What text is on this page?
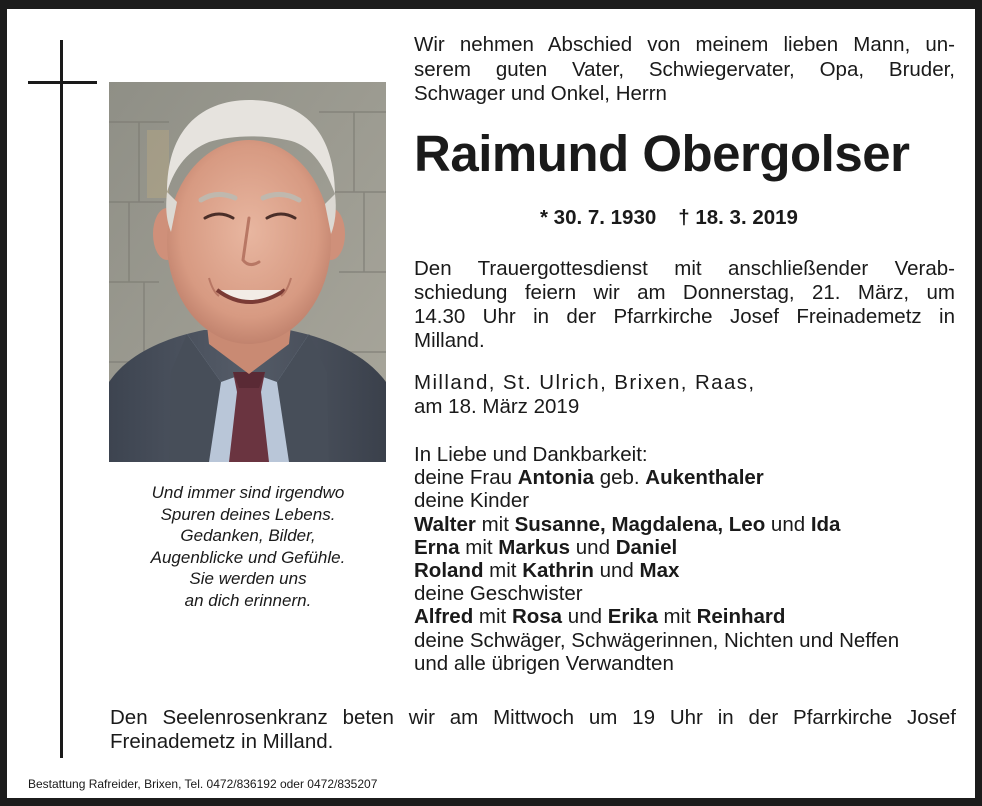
Und immer sind irgendwo
Spuren deines Lebens.
Gedanken, Bilder,
Augenblicke und Gefühle.
Sie werden uns
an dich erinnern.
Wir nehmen Abschied von meinem lieben Mann, un-
serem guten Vater, Schwiegervater, Opa, Bruder,
Schwager und Onkel, Herrn
Raimund Obergolser
* 30. 7. 1930 † 18. 3. 2019
Den Trauergottesdienst mit anschließender Verab-
schiedung feiern wir am Donnerstag, 21. März, um
14.30 Uhr in der Pfarrkirche Josef Freinademetz in
Milland.
Milland, St. Ulrich, Brixen, Raas,
am 18. März 2019
In Liebe und Dankbarkeit:
deine Frau Antonia geb. Aukenthaler
deine Kinder
Walter mit Susanne, Magdalena, Leo und Ida
Erna mit Markus und Daniel
Roland mit Kathrin und Max
deine Geschwister
Alfred mit Rosa und Erika mit Reinhard
deine Schwäger, Schwägerinnen, Nichten und Neffen
und alle übrigen Verwandten
Den Seelenrosenkranz beten wir am Mittwoch um 19 Uhr in der Pfarrkirche Josef
Freinademetz in Milland.
Bestattung Rafreider, Brixen, Tel. 0472/836192 oder 0472/835207
